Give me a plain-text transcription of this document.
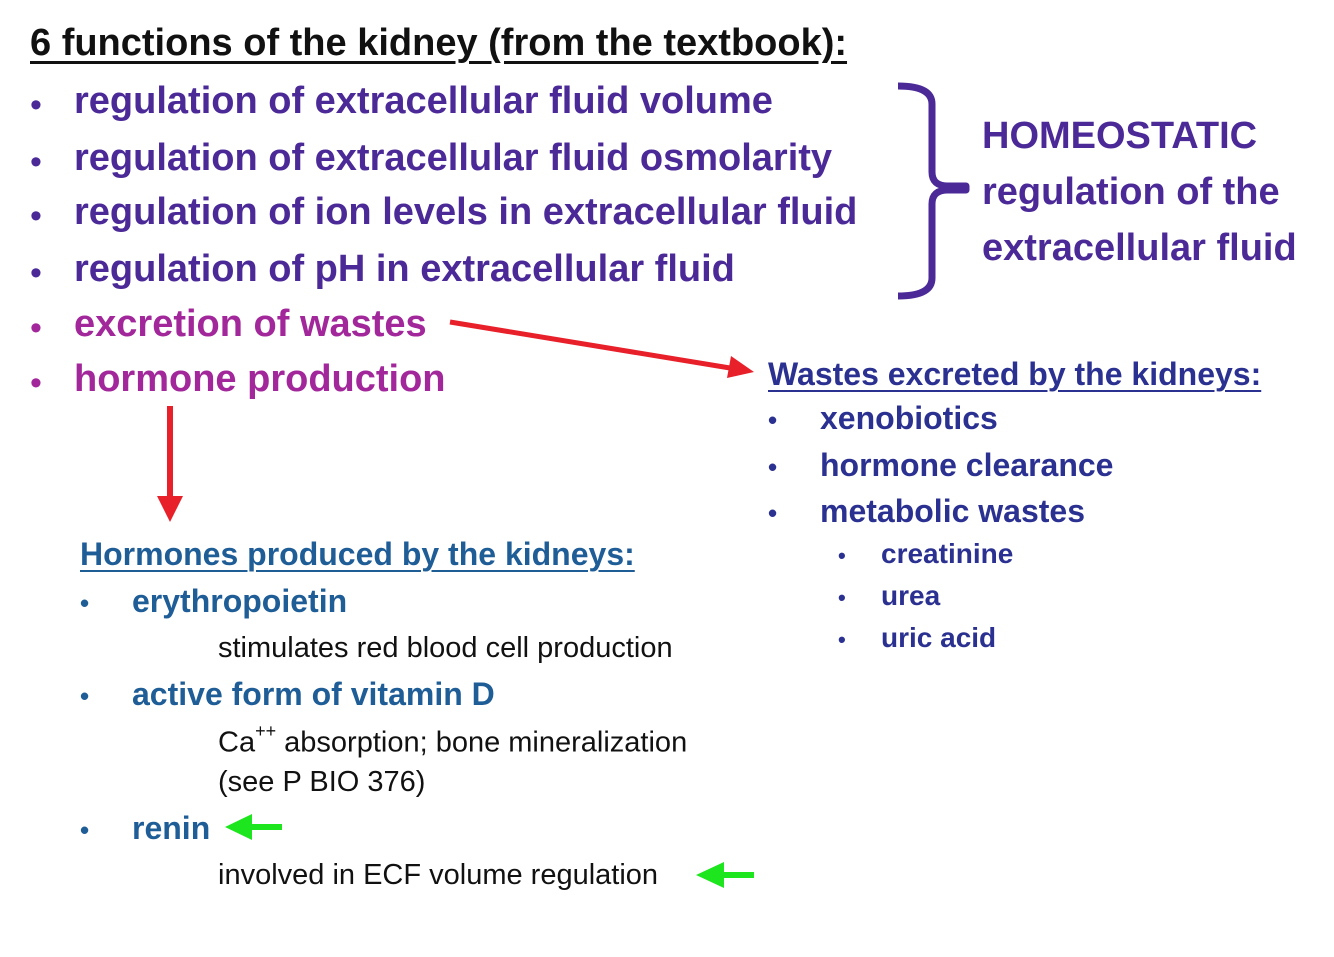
6 functions of the kidney (from the textbook):
• regulation of extracellular fluid volume
• regulation of extracellular fluid osmolarity
• regulation of ion levels in extracellular fluid
• regulation of pH in extracellular fluid
• excretion of wastes
• hormone production
HOMEOSTATIC
regulation of the
extracellular fluid
Wastes excreted by the kidneys:
• xenobiotics
• hormone clearance
• metabolic wastes
• creatinine
• urea
• uric acid
Hormones produced by the kidneys:
• erythropoietin
stimulates red blood cell production
• active form of vitamin D
Ca++ absorption; bone mineralization
(see P BIO 376)
• renin
involved in ECF volume regulation
